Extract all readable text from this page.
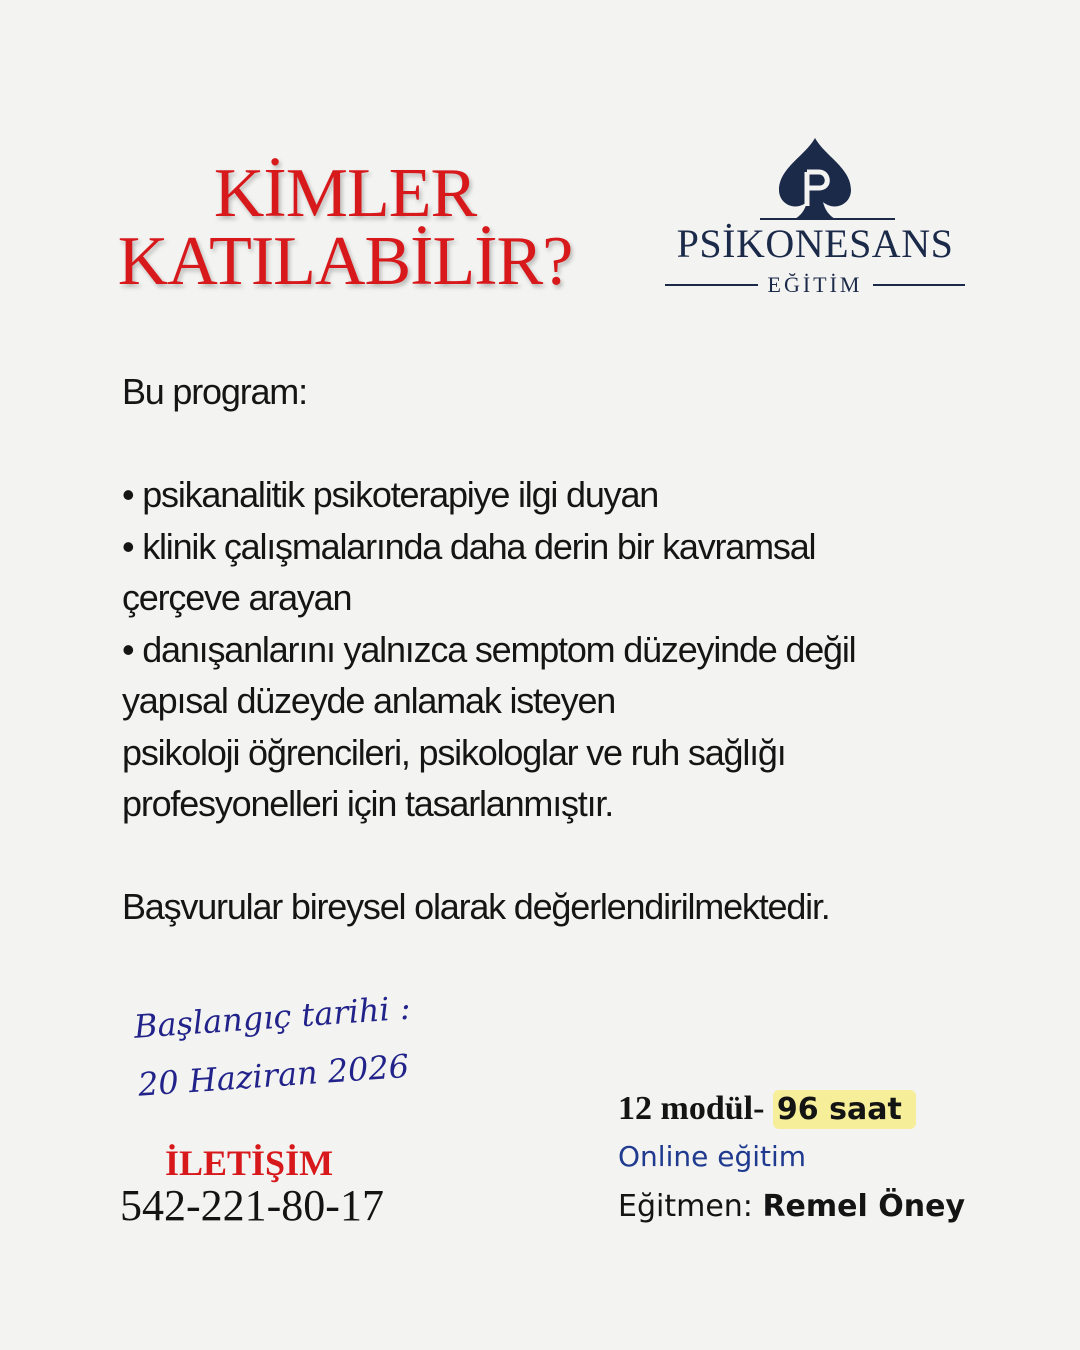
KİMLER
KATILABİLİR?	PSİKONESANS
EĞİTİM

Bu program:

• psikanalitik psikoterapiye ilgi duyan

• klinik çalışmalarında daha derin bir kavramsal

çerçeve arayan

• danışanlarını yalnızca semptom düzeyinde değil

yapısal düzeyde anlamak isteyen

psikoloji öğrencileri, psikologlar ve ruh sağlığı

profesyonelleri için tasarlanmıştır.

Başvurular bireysel olarak değerlendirilmektedir.

Başlangıç tarihi :
20 Haziran 2026
İLETİŞİM
542-221-80-17
12 modül- 96 saat
Online eğitim
Eğitmen: Remel Öney
